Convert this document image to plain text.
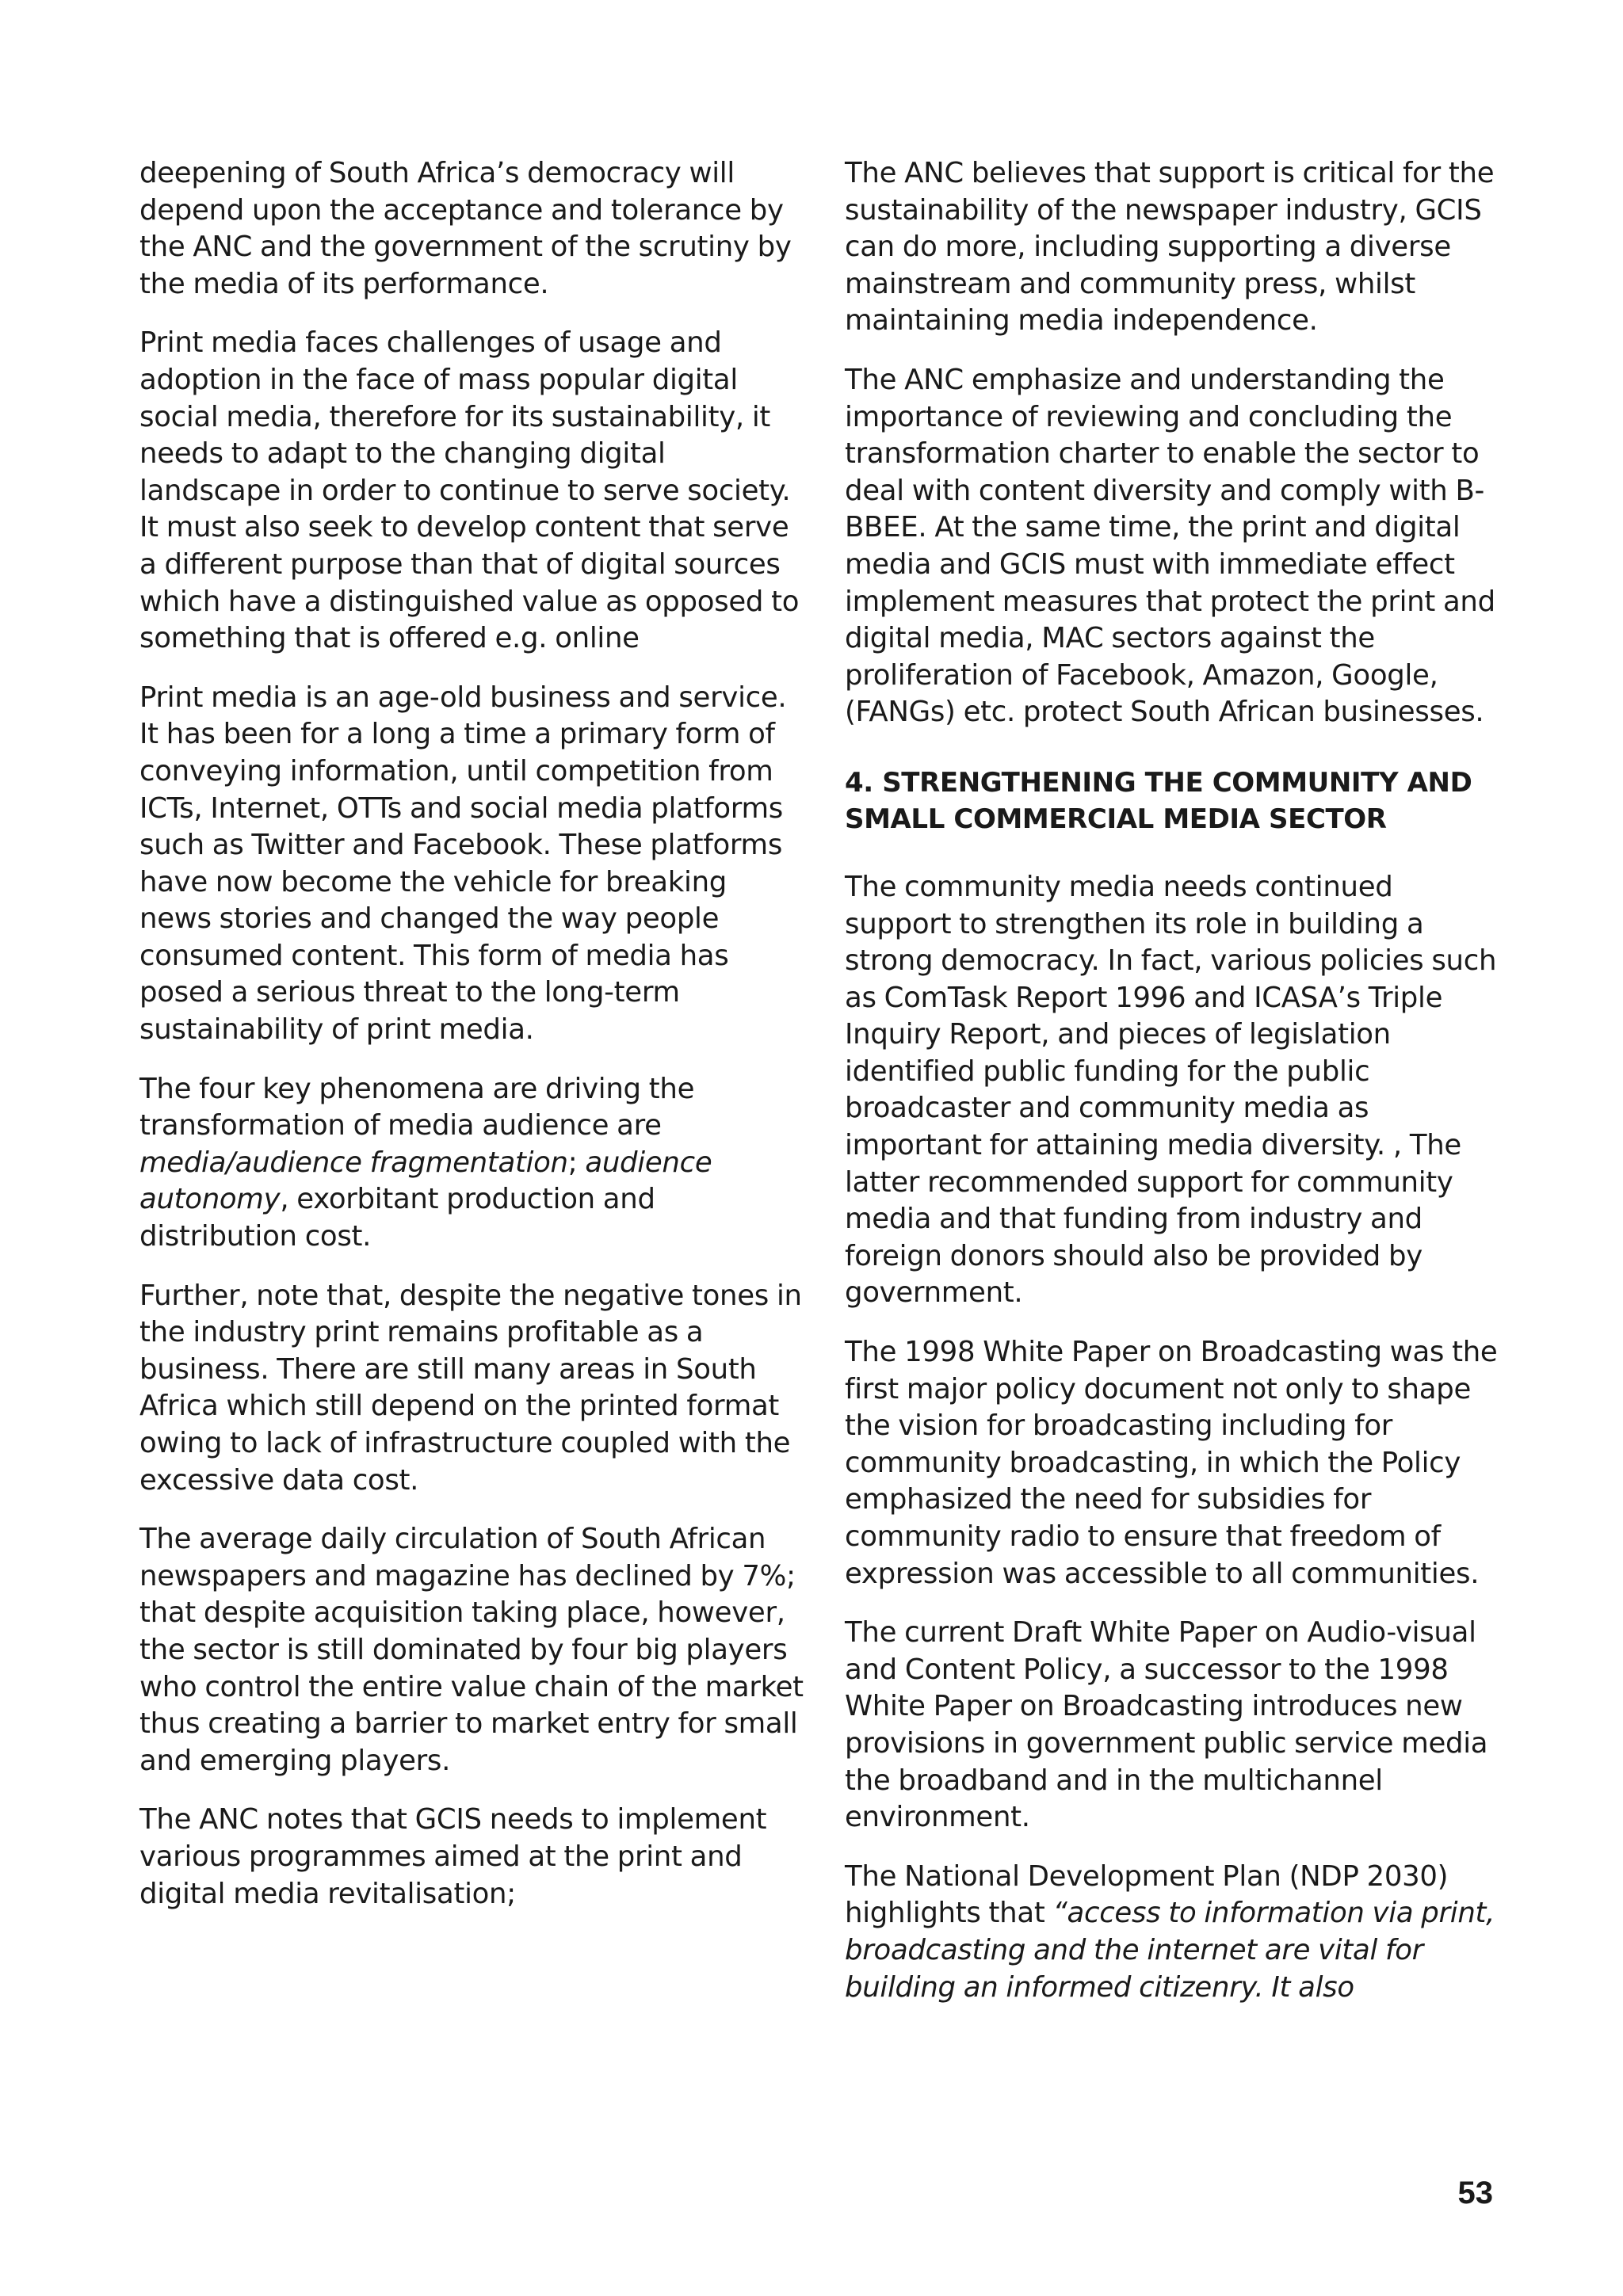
deepening of South Africa’s democracy will depend upon the acceptance and tolerance by the ANC and the government of the scrutiny by the media of its performance.

Print media faces challenges of usage and adoption in the face of mass popular digital social media, therefore for its sustainability, it needs to adapt to the changing digital landscape in order to continue to serve society. It must also seek to develop content that serve a different purpose than that of digital sources which have a distinguished value as opposed to something that is offered e.g. online

Print media is an age-old business and service. It has been for a long a time a primary form of conveying information, until competition from ICTs, Internet, OTTs and social media platforms such as Twitter and Facebook. These platforms have now become the vehicle for breaking news stories and changed the way people consumed content. This form of media has posed a serious threat to the long-term sustainability of print media.

The four key phenomena are driving the transformation of media audience are media/audience fragmentation; audience autonomy, exorbitant production and distribution cost.

Further, note that, despite the negative tones in the industry print remains profitable as a business. There are still many areas in South Africa which still depend on the printed format owing to lack of infrastructure coupled with the excessive data cost.

The average daily circulation of South African newspapers and magazine has declined by 7%; that despite acquisition taking place, however, the sector is still dominated by four big players who control the entire value chain of the market thus creating a barrier to market entry for small and emerging players.

The ANC notes that GCIS needs to implement various programmes aimed at the print and digital media revitalisation;

The ANC believes that support is critical for the sustainability of the newspaper industry, GCIS can do more, including supporting a diverse mainstream and community press, whilst maintaining media independence.

The ANC emphasize and understanding the importance of reviewing and concluding the transformation charter to enable the sector to deal with content diversity and comply with B-BBEE. At the same time, the print and digital media and GCIS must with immediate effect implement measures that protect the print and digital media, MAC sectors against the proliferation of Facebook, Amazon, Google, (FANGs) etc. protect South African businesses.

4. STRENGTHENING THE COMMUNITY AND SMALL COMMERCIAL MEDIA SECTOR

The community media needs continued support to strengthen its role in building a strong democracy. In fact, various policies such as ComTask Report 1996 and ICASA’s Triple Inquiry Report, and pieces of legislation identified public funding for the public broadcaster and community media as important for attaining media diversity. , The latter recommended support for community media and that funding from industry and foreign donors should also be provided by government.

The 1998 White Paper on Broadcasting was the first major policy document not only to shape the vision for broadcasting including for community broadcasting, in which the Policy emphasized the need for subsidies for community radio to ensure that freedom of expression was accessible to all communities.

The current Draft White Paper on Audio-visual and Content Policy, a successor to the 1998 White Paper on Broadcasting introduces new provisions in government public service media the broadband and in the multichannel environment.

The National Development Plan (NDP 2030) highlights that “access to information via print, broadcasting and the internet are vital for building an informed citizenry. It also

53
